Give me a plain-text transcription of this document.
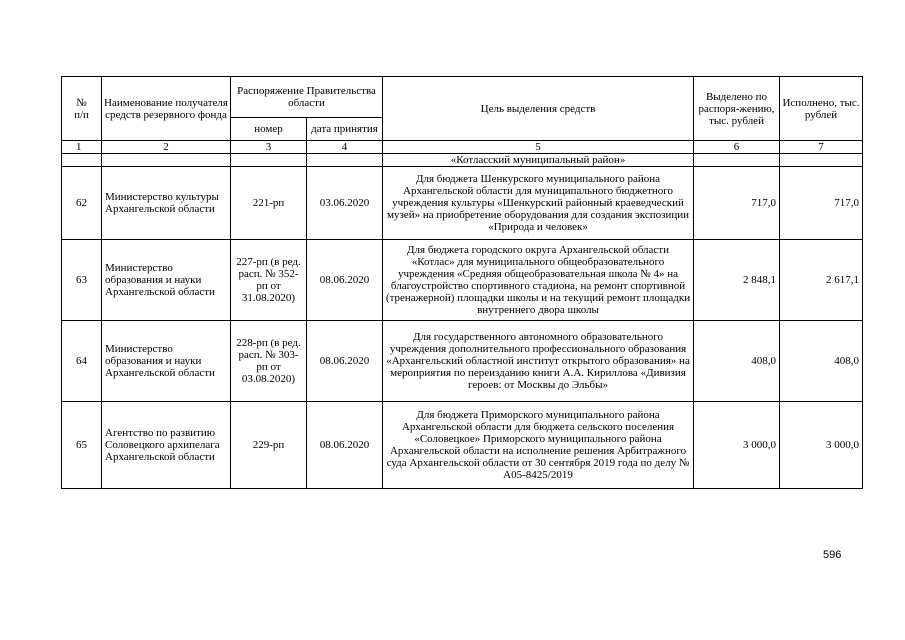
№
п/п	Наименование получателя средств резервного фонда	Распоряжение Правительства области		Цель выделения средств	Выделено по распоря-жению, тыс. рублей	Исполнено, тыс. рублей
		номер	дата принятия			
1	2	3	4	5	6	7
				«Котласский муниципальный район»		
62	Министерство культуры Архангельской области	221-рп	03.06.2020	Для бюджета Шенкурского муниципального района Архангельской области для муниципального бюджетного учреждения культуры «Шенкурский районный краеведческий музей» на приобретение оборудования для создания экспозиции «Природа и человек»	717,0	717,0
63	Министерство образования и науки Архангельской области	227-рп (в ред. расп. № 352-рп от 31.08.2020)	08.06.2020	Для бюджета городского округа Архангельской области «Котлас» для муниципального общеобразовательного учреждения «Средняя общеобразовательная школа № 4» на благоустройство спортивного стадиона, на ремонт спортивной (тренажерной) площадки школы и на текущий ремонт площадки внутреннего двора школы	2 848,1	2 617,1
64	Министерство образования и науки Архангельской области	228-рп (в ред. расп. № 303-рп от 03.08.2020)	08.06.2020	Для государственного автономного образовательного учреждения дополнительного профессионального образования «Архангельский областной институт открытого образования» на мероприятия по переизданию книги А.А. Кириллова «Дивизия героев: от Москвы до Эльбы»	408,0	408,0
65	Агентство по развитию Соловецкого архипелага Архангельской области	229-рп	08.06.2020	Для бюджета Приморского муниципального района Архангельской области для бюджета сельского поселения «Соловецкое» Приморского муниципального района Архангельской области на исполнение решения Арбитражного суда Архангельской области от 30 сентября 2019 года по делу № А05-8425/2019	3 000,0	3 000,0
596
